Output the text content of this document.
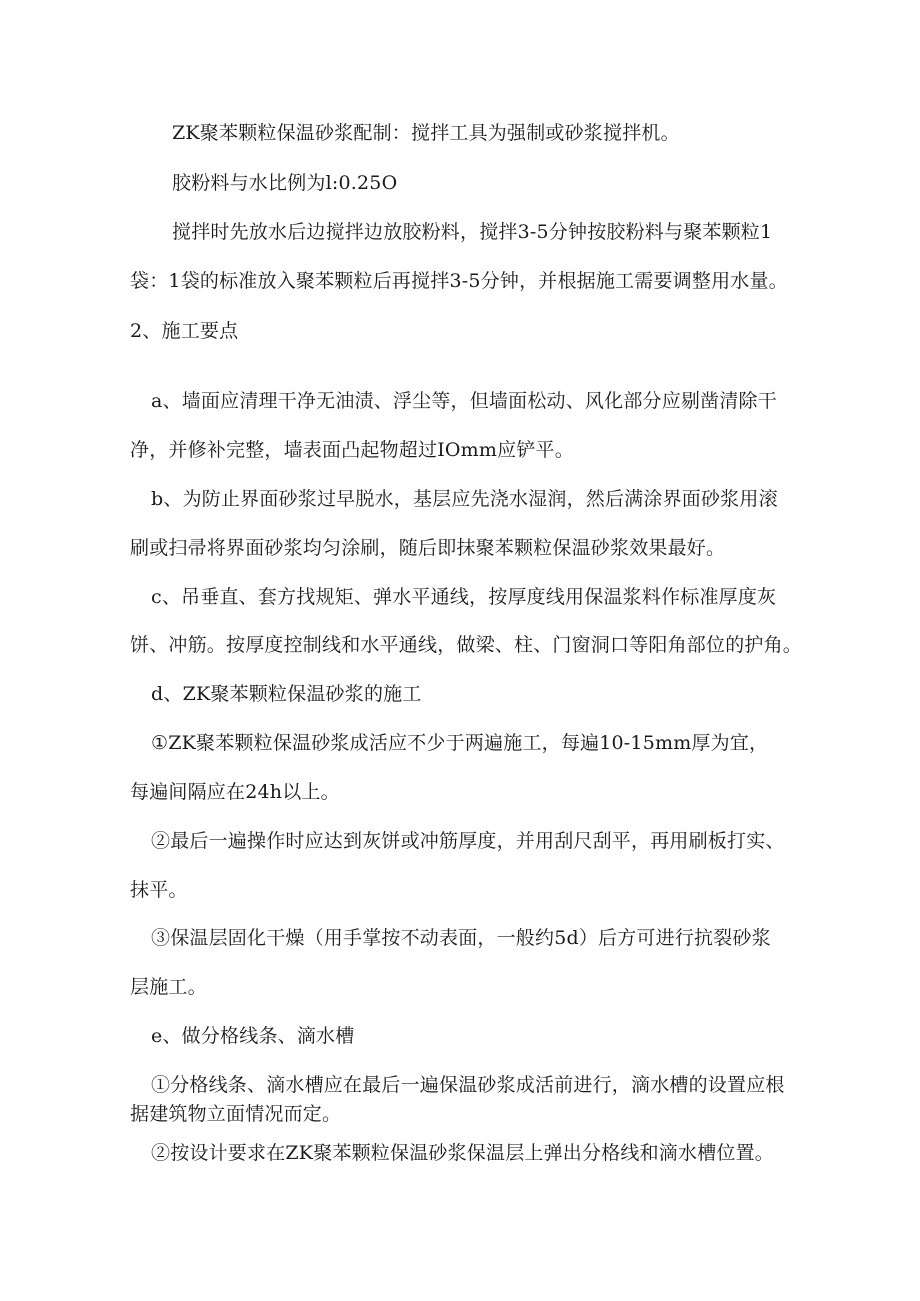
ZK聚苯颗粒保温砂浆配制：搅拌工具为强制或砂浆搅拌机。
胶粉料与水比例为l:0.25O
搅拌时先放水后边搅拌边放胶粉料，搅拌3-5分钟按胶粉料与聚苯颗粒1
袋：1袋的标准放入聚苯颗粒后再搅拌3-5分钟，并根据施工需要调整用水量。
2、施工要点
a、墙面应清理干净无油渍、浮尘等，但墙面松动、风化部分应剔凿清除干
净，并修补完整，墙表面凸起物超过IOmm应铲平。
b、为防止界面砂浆过早脱水，基层应先浇水湿润，然后满涂界面砂浆用滚
刷或扫帚将界面砂浆均匀涂刷，随后即抹聚苯颗粒保温砂浆效果最好。
c、吊垂直、套方找规矩、弹水平通线，按厚度线用保温浆料作标准厚度灰
饼、冲筋。按厚度控制线和水平通线，做梁、柱、门窗洞口等阳角部位的护角。
d、ZK聚苯颗粒保温砂浆的施工
①ZK聚苯颗粒保温砂浆成活应不少于两遍施工，每遍10-15mm厚为宜，
每遍间隔应在24h以上。
②最后一遍操作时应达到灰饼或冲筋厚度，并用刮尺刮平，再用刷板打实、
抹平。
③保温层固化干燥（用手掌按不动表面，一般约5d）后方可进行抗裂砂浆
层施工。
e、做分格线条、滴水槽
①分格线条、滴水槽应在最后一遍保温砂浆成活前进行，滴水槽的设置应根
据建筑物立面情况而定。
②按设计要求在ZK聚苯颗粒保温砂浆保温层上弹出分格线和滴水槽位置。
